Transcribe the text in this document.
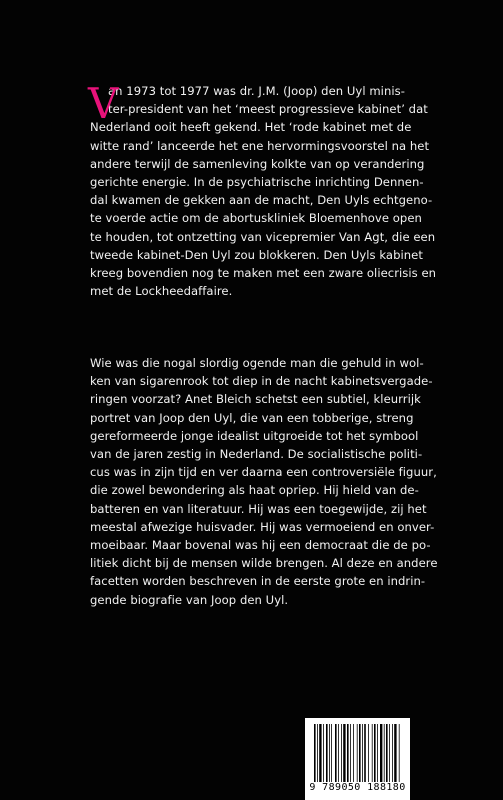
V
an 1973 tot 1977 was dr. J.M. (Joop) den Uyl minis-
ter-president van het ‘meest progressieve kabinet’ dat
Nederland ooit heeft gekend. Het ‘rode kabinet met de
witte rand’ lanceerde het ene hervormingsvoorstel na het
andere terwijl de samenleving kolkte van op verandering
gerichte energie. In de psychiatrische inrichting Dennen-
dal kwamen de gekken aan de macht, Den Uyls echtgeno-
te voerde actie om de abortuskliniek Bloemenhove open
te houden, tot ontzetting van vicepremier Van Agt, die een
tweede kabinet-Den Uyl zou blokkeren. Den Uyls kabinet
kreeg bovendien nog te maken met een zware oliecrisis en
met de Lockheedaffaire.
Wie was die nogal slordig ogende man die gehuld in wol-
ken van sigarenrook tot diep in de nacht kabinetsvergade-
ringen voorzat? Anet Bleich schetst een subtiel, kleurrijk
portret van Joop den Uyl, die van een tobberige, streng
gereformeerde jonge idealist uitgroeide tot het symbool
van de jaren zestig in Nederland. De socialistische politi-
cus was in zijn tijd en ver daarna een controversiële figuur,
die zowel bewondering als haat opriep. Hij hield van de-
batteren en van literatuur. Hij was een toegewijde, zij het
meestal afwezige huisvader. Hij was vermoeiend en onver-
moeibaar. Maar bovenal was hij een democraat die de po-
litiek dicht bij de mensen wilde brengen. Al deze en andere
facetten worden beschreven in de eerste grote en indrin-
gende biografie van Joop den Uyl.
9 789050 188180
